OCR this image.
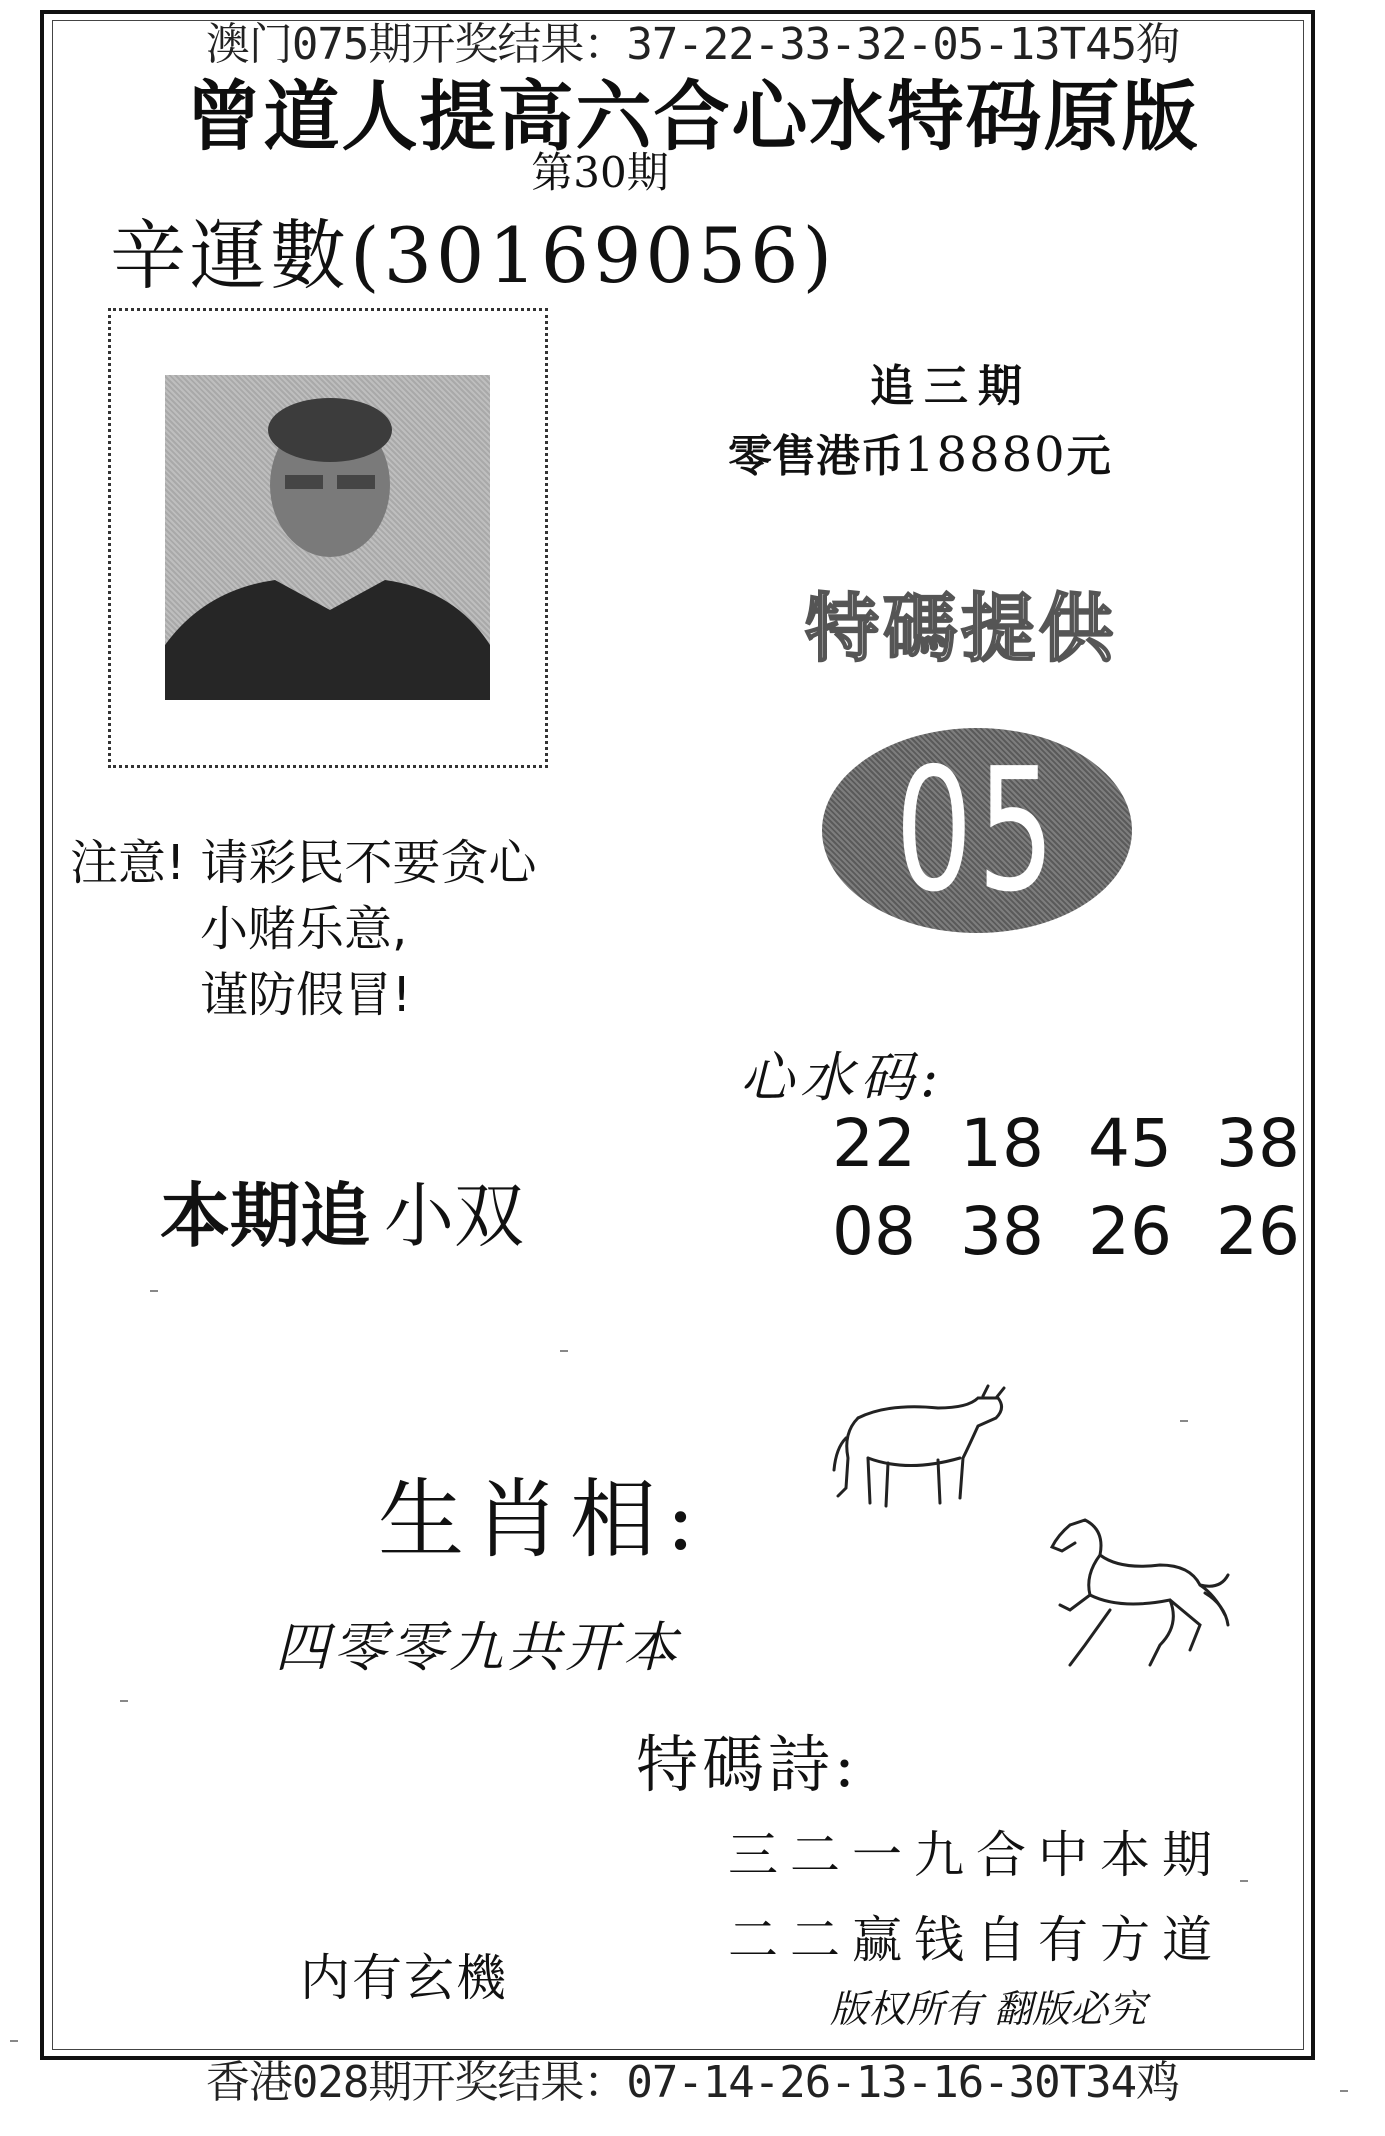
澳门075期开奖结果：37-22-33-32-05-13T45狗
曾道人提高六合心水特码原版
第30期
辛運數(30169056)
追三期
零售港币18880元
特碼提供
05
注意! 请彩民不要贪心
小赌乐意,
谨防假冒!
心水码:
22 18 45 38
08 38 26 26
本期追 小双
生肖相:
四零零九共开本
特碼詩:
三二一九合中本期
二二赢钱自有方道
内有玄機
版权所有 翻版必究
香港028期开奖结果：07-14-26-13-16-30T34鸡
